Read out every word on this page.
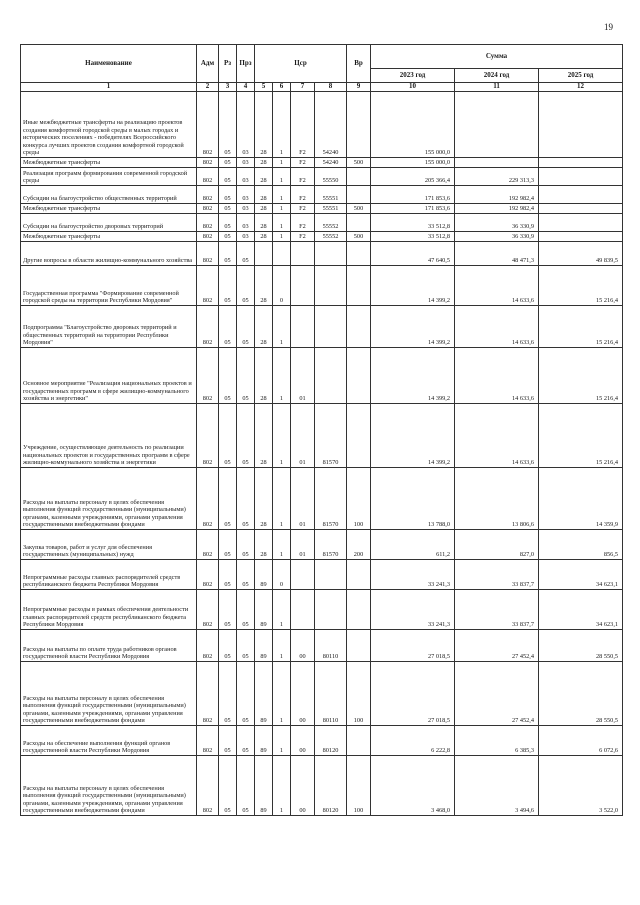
19
Наименование	Адм	Рз	Прз	Цср				Вр	Сумма		
									2023 год	2024 год	2025 год
1	2	3	4	5	6	7	8	9	10	11	12
Иные межбюджетные трансферты на реализацию проектов создания комфортной городской среды в малых городах и исторических поселениях - победителях Всероссийского конкурса лучших проектов создания комфортной городской среды	802	05	03	28	1	F2	54240		155 000,0		
Межбюджетные трансферты	802	05	03	28	1	F2	54240	500	155 000,0		
Реализация программ формирования современной городской среды	802	05	03	28	1	F2	55550		205 366,4	229 313,3	
Субсидии на благоустройство общественных территорий	802	05	03	28	1	F2	55551		171 853,6	192 982,4	
Межбюджетные трансферты	802	05	03	28	1	F2	55551	500	171 853,6	192 982,4	
Субсидии на благоустройство дворовых территорий	802	05	03	28	1	F2	55552		33 512,8	36 330,9	
Межбюджетные трансферты	802	05	03	28	1	F2	55552	500	33 512,8	36 330,9	
Другие вопросы в области жилищно-коммунального хозяйства	802	05	05						47 640,5	48 471,3	49 839,5
Государственная программа "Формирование современной городской среды на территории Республики Мордовия"	802	05	05	28	0				14 399,2	14 633,6	15 216,4
Подпрограмма "Благоустройство дворовых территорий и общественных территорий на территории Республики Мордовия"	802	05	05	28	1				14 399,2	14 633,6	15 216,4
Основное мероприятие "Реализация национальных проектов и государственных программ в сфере жилищно-коммунального хозяйства и энергетики"	802	05	05	28	1	01			14 399,2	14 633,6	15 216,4
Учреждение, осуществляющее деятельность по реализации национальных проектов и государственных программ в сфере жилищно-коммунального хозяйства и энергетики	802	05	05	28	1	01	81570		14 399,2	14 633,6	15 216,4
Расходы на выплаты персоналу в целях обеспечения выполнения функций государственными (муниципальными) органами, казенными учреждениями, органами управления государственными внебюджетными фондами	802	05	05	28	1	01	81570	100	13 788,0	13 806,6	14 359,9
Закупка товаров, работ и услуг для обеспечения государственных (муниципальных) нужд	802	05	05	28	1	01	81570	200	611,2	827,0	856,5
Непрограммные расходы главных распорядителей средств республиканского бюджета Республики Мордовия	802	05	05	89	0				33 241,3	33 837,7	34 623,1
Непрограммные расходы в рамках обеспечения деятельности главных распорядителей средств республиканского бюджета Республики Мордовия	802	05	05	89	1				33 241,3	33 837,7	34 623,1
Расходы на выплаты по оплате труда работников органов государственной власти Республики Мордовия	802	05	05	89	1	00	80110		27 018,5	27 452,4	28 550,5
Расходы на выплаты персоналу в целях обеспечения выполнения функций государственными (муниципальными) органами, казенными учреждениями, органами управления государственными внебюджетными фондами	802	05	05	89	1	00	80110	100	27 018,5	27 452,4	28 550,5
Расходы на обеспечение выполнения функций органов государственной власти Республики Мордовия	802	05	05	89	1	00	80120		6 222,8	6 385,3	6 072,6
Расходы на выплаты персоналу в целях обеспечения выполнения функций государственными (муниципальными) органами, казенными учреждениями, органами управления государственными внебюджетными фондами	802	05	05	89	1	00	80120	100	3 468,0	3 494,6	3 522,0
